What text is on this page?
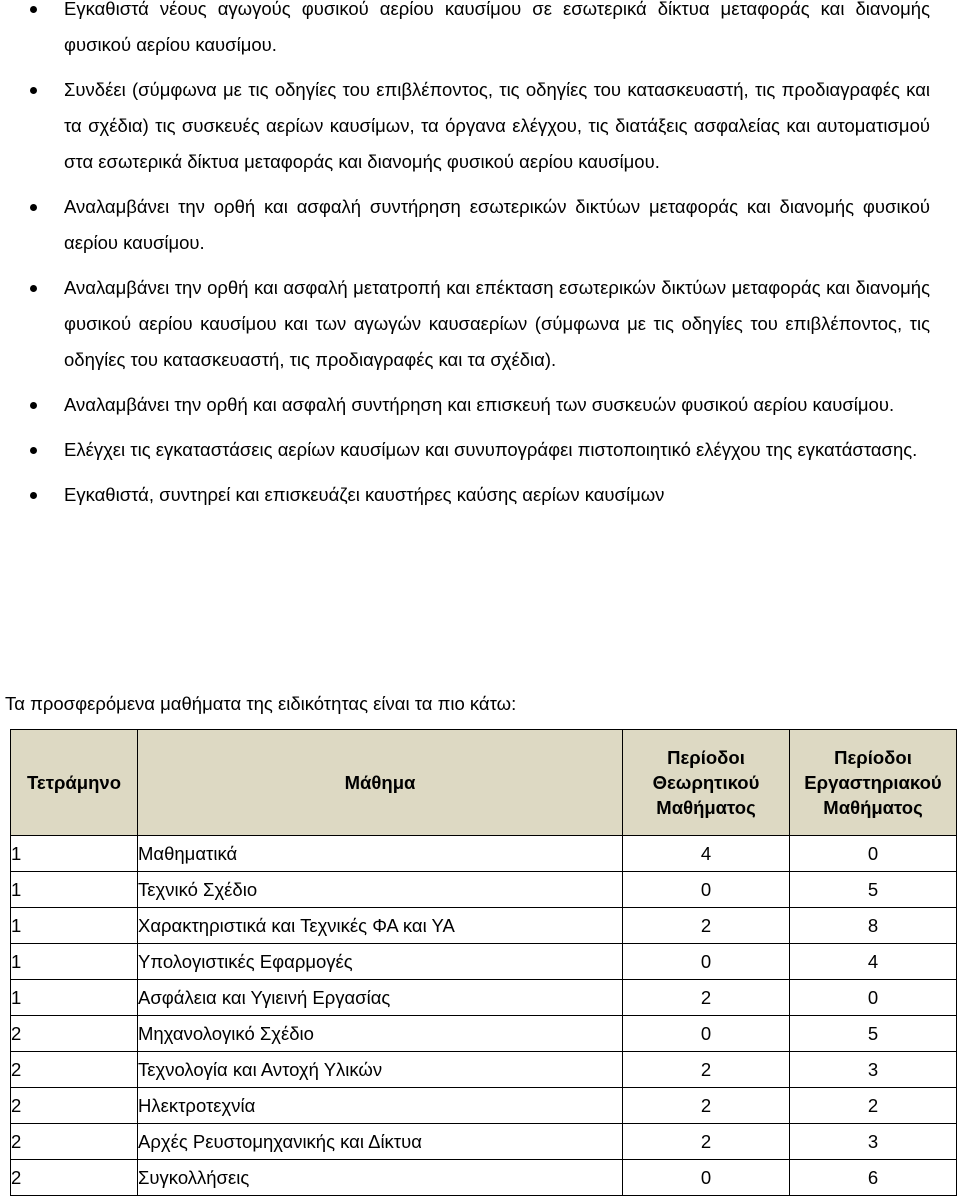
Εγκαθιστά νέους αγωγούς φυσικού αερίου καυσίμου σε εσωτερικά δίκτυα μεταφοράς και διανομής φυσικού αερίου καυσίμου.
Συνδέει (σύμφωνα με τις οδηγίες του επιβλέποντος, τις οδηγίες του κατασκευαστή, τις προδιαγραφές και τα σχέδια) τις συσκευές αερίων καυσίμων, τα όργανα ελέγχου, τις διατάξεις ασφαλείας και αυτοματισμού στα εσωτερικά δίκτυα μεταφοράς και διανομής φυσικού αερίου καυσίμου.
Αναλαμβάνει την ορθή και ασφαλή συντήρηση εσωτερικών δικτύων μεταφοράς και διανομής φυσικού αερίου καυσίμου.
Αναλαμβάνει την ορθή και ασφαλή μετατροπή και επέκταση εσωτερικών δικτύων μεταφοράς και διανομής φυσικού αερίου καυσίμου και των αγωγών καυσαερίων (σύμφωνα με τις οδηγίες του επιβλέποντος, τις οδηγίες του κατασκευαστή, τις προδιαγραφές και τα σχέδια).
Αναλαμβάνει την ορθή και ασφαλή συντήρηση και επισκευή των συσκευών φυσικού αερίου καυσίμου.
Ελέγχει τις εγκαταστάσεις αερίων καυσίμων και συνυπογράφει πιστοποιητικό ελέγχου της εγκατάστασης.
Εγκαθιστά, συντηρεί και επισκευάζει καυστήρες καύσης αερίων καυσίμων
Τα προσφερόμενα μαθήματα της ειδικότητας είναι τα πιο κάτω:
Τετράμηνο	Μάθημα	Περίοδοι Θεωρητικού Μαθήματος	Περίοδοι Εργαστηριακού Μαθήματος
1	Μαθηματικά	4	0
1	Τεχνικό Σχέδιο	0	5
1	Χαρακτηριστικά και Τεχνικές ΦΑ και ΥΑ	2	8
1	Υπολογιστικές Εφαρμογές	0	4
1	Ασφάλεια και Υγιεινή Εργασίας	2	0
2	Μηχανολογικό Σχέδιο	0	5
2	Τεχνολογία και Αντοχή Υλικών	2	3
2	Ηλεκτροτεχνία	2	2
2	Αρχές Ρευστομηχανικής και Δίκτυα	2	3
2	Συγκολλήσεις	0	6
